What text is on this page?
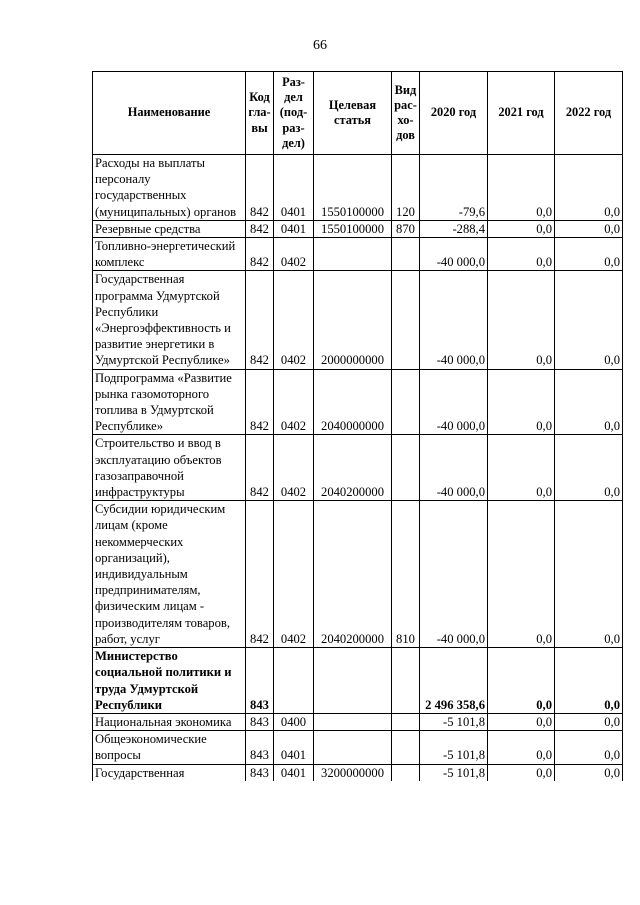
66
Наименование	Код гла-вы	Раз-дел (под-раз-дел)	Целевая статья	Вид рас-хо-дов	2020 год	2021 год	2022 год
Расходы на выплаты персоналу государственных (муниципальных) органов	842	0401	1550100000	120	-79,6	0,0	0,0
Резервные средства	842	0401	1550100000	870	-288,4	0,0	0,0
Топливно-энергетический комплекс	842	0402			-40 000,0	0,0	0,0
Государственная программа Удмуртской Республики «Энергоэффективность и развитие энергетики в Удмуртской Республике»	842	0402	2000000000		-40 000,0	0,0	0,0
Подпрограмма «Развитие рынка газомоторного топлива в Удмуртской Республике»	842	0402	2040000000		-40 000,0	0,0	0,0
Строительство и ввод в эксплуатацию объектов газозаправочной инфраструктуры	842	0402	2040200000		-40 000,0	0,0	0,0
Субсидии юридическим лицам (кроме некоммерческих организаций), индивидуальным предпринимателям, физическим лицам - производителям товаров, работ, услуг	842	0402	2040200000	810	-40 000,0	0,0	0,0
Министерство социальной политики и труда Удмуртской Республики	843				2 496 358,6	0,0	0,0
Национальная экономика	843	0400			-5 101,8	0,0	0,0
Общеэкономические вопросы	843	0401			-5 101,8	0,0	0,0
Государственная	843	0401	3200000000		-5 101,8	0,0	0,0
